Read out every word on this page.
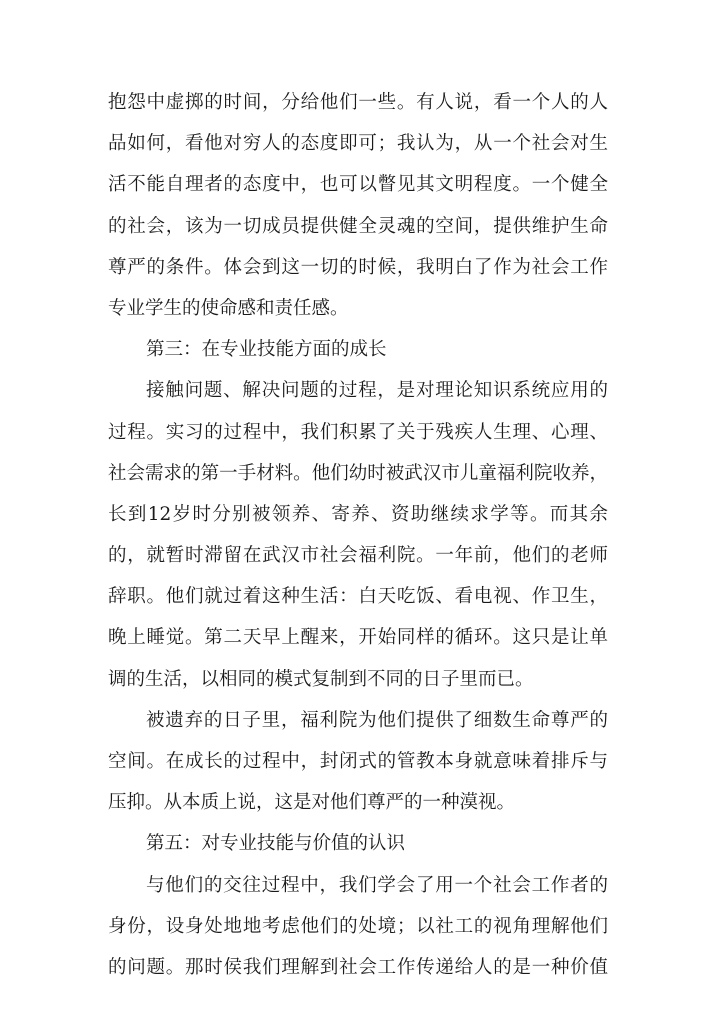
抱怨中虚掷的时间，分给他们一些。有人说，看一个人的人
品如何，看他对穷人的态度即可；我认为，从一个社会对生
活不能自理者的态度中，也可以瞥见其文明程度。一个健全
的社会，该为一切成员提供健全灵魂的空间，提供维护生命
尊严的条件。体会到这一切的时候，我明白了作为社会工作
专业学生的使命感和责任感。
第三：在专业技能方面的成长
接触问题、解决问题的过程，是对理论知识系统应用的
过程。实习的过程中，我们积累了关于残疾人生理、心理、
社会需求的第一手材料。他们幼时被武汉市儿童福利院收养，
长到12岁时分别被领养、寄养、资助继续求学等。而其余
的，就暂时滞留在武汉市社会福利院。一年前，他们的老师
辞职。他们就过着这种生活：白天吃饭、看电视、作卫生，
晚上睡觉。第二天早上醒来，开始同样的循环。这只是让单
调的生活，以相同的模式复制到不同的日子里而已。
被遗弃的日子里，福利院为他们提供了细数生命尊严的
空间。在成长的过程中，封闭式的管教本身就意味着排斥与
压抑。从本质上说，这是对他们尊严的一种漠视。
第五：对专业技能与价值的认识
与他们的交往过程中，我们学会了用一个社会工作者的
身份，设身处地地考虑他们的处境；以社工的视角理解他们
的问题。那时侯我们理解到社会工作传递给人的是一种价值
